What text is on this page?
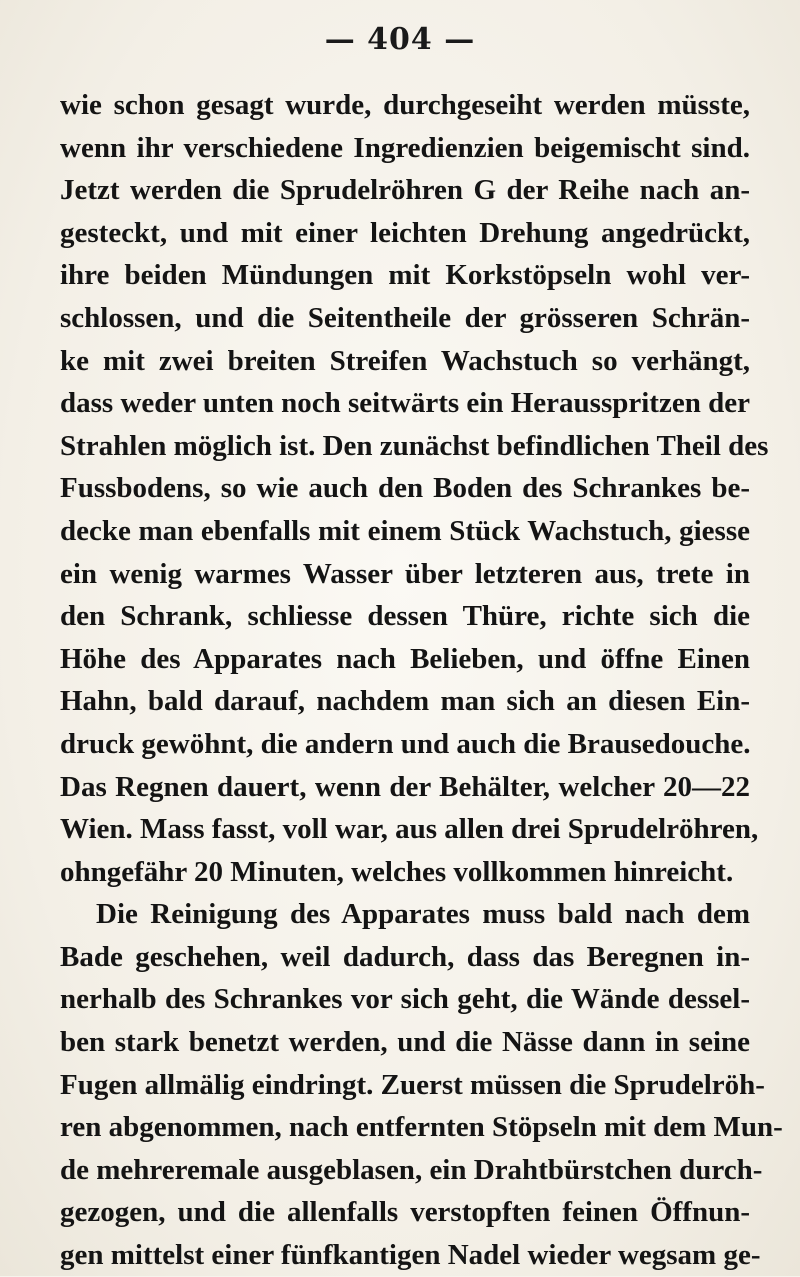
— 404 —
wie schon gesagt wurde, durchgeseiht werden müsste,
wenn ihr verschiedene Ingredienzien beigemischt sind.
Jetzt werden die Sprudelröhren G der Reihe nach an-
gesteckt, und mit einer leichten Drehung angedrückt,
ihre beiden Mündungen mit Korkstöpseln wohl ver-
schlossen, und die Seitentheile der grösseren Schrän-
ke mit zwei breiten Streifen Wachstuch so verhängt,
dass weder unten noch seitwärts ein Herausspritzen der
Strahlen möglich ist. Den zunächst befindlichen Theil des
Fussbodens, so wie auch den Boden des Schrankes be-
decke man ebenfalls mit einem Stück Wachstuch, giesse
ein wenig warmes Wasser über letzteren aus, trete in
den Schrank, schliesse dessen Thüre, richte sich die
Höhe des Apparates nach Belieben, und öffne Einen
Hahn, bald darauf, nachdem man sich an diesen Ein-
druck gewöhnt, die andern und auch die Brausedouche.
Das Regnen dauert, wenn der Behälter, welcher 20—22
Wien. Mass fasst, voll war, aus allen drei Sprudelröhren,
ohngefähr 20 Minuten, welches vollkommen hinreicht.
Die Reinigung des Apparates muss bald nach dem
Bade geschehen, weil dadurch, dass das Beregnen in-
nerhalb des Schrankes vor sich geht, die Wände dessel-
ben stark benetzt werden, und die Nässe dann in seine
Fugen allmälig eindringt. Zuerst müssen die Sprudelröh-
ren abgenommen, nach entfernten Stöpseln mit dem Mun-
de mehreremale ausgeblasen, ein Drahtbürstchen durch-
gezogen, und die allenfalls verstopften feinen Öffnun-
gen mittelst einer fünfkantigen Nadel wieder wegsam ge-
